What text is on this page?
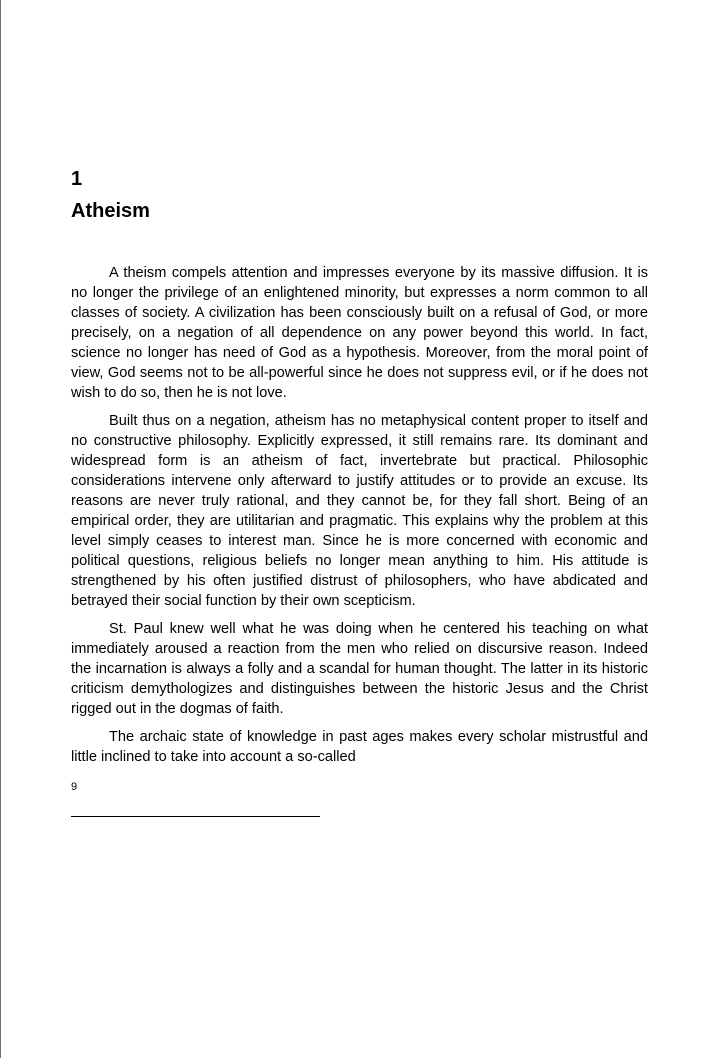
1
Atheism

A theism compels attention and impresses everyone by its massive diffusion. It is no longer the privilege of an enlightened minority, but expresses a norm common to all classes of society. A civilization has been consciously built on a refusal of God, or more precisely, on a negation of all dependence on any power beyond this world. In fact, science no longer has need of God as a hypothesis. Moreover, from the moral point of view, God seems not to be all-powerful since he does not suppress evil, or if he does not wish to do so, then he is not love.

Built thus on a negation, atheism has no metaphysical content proper to itself and no constructive philosophy. Explicitly expressed, it still remains rare. Its dominant and widespread form is an atheism of fact, invertebrate but practical. Philosophic considerations intervene only afterward to justify attitudes or to provide an excuse. Its reasons are never truly rational, and they cannot be, for they fall short. Being of an empirical order, they are utilitarian and pragmatic. This explains why the problem at this level simply ceases to interest man. Since he is more concerned with economic and political questions, religious beliefs no longer mean anything to him. His attitude is strengthened by his often justified distrust of philosophers, who have abdicated and betrayed their social function by their own scepticism.

St. Paul knew well what he was doing when he centered his teaching on what immediately aroused a reaction from the men who relied on discursive reason. Indeed the incarnation is always a folly and a scandal for human thought. The latter in its historic criticism demythologizes and distinguishes between the historic Jesus and the Christ rigged out in the dogmas of faith.

The archaic state of knowledge in past ages makes every scholar mistrustful and little inclined to take into account a so-called

9
